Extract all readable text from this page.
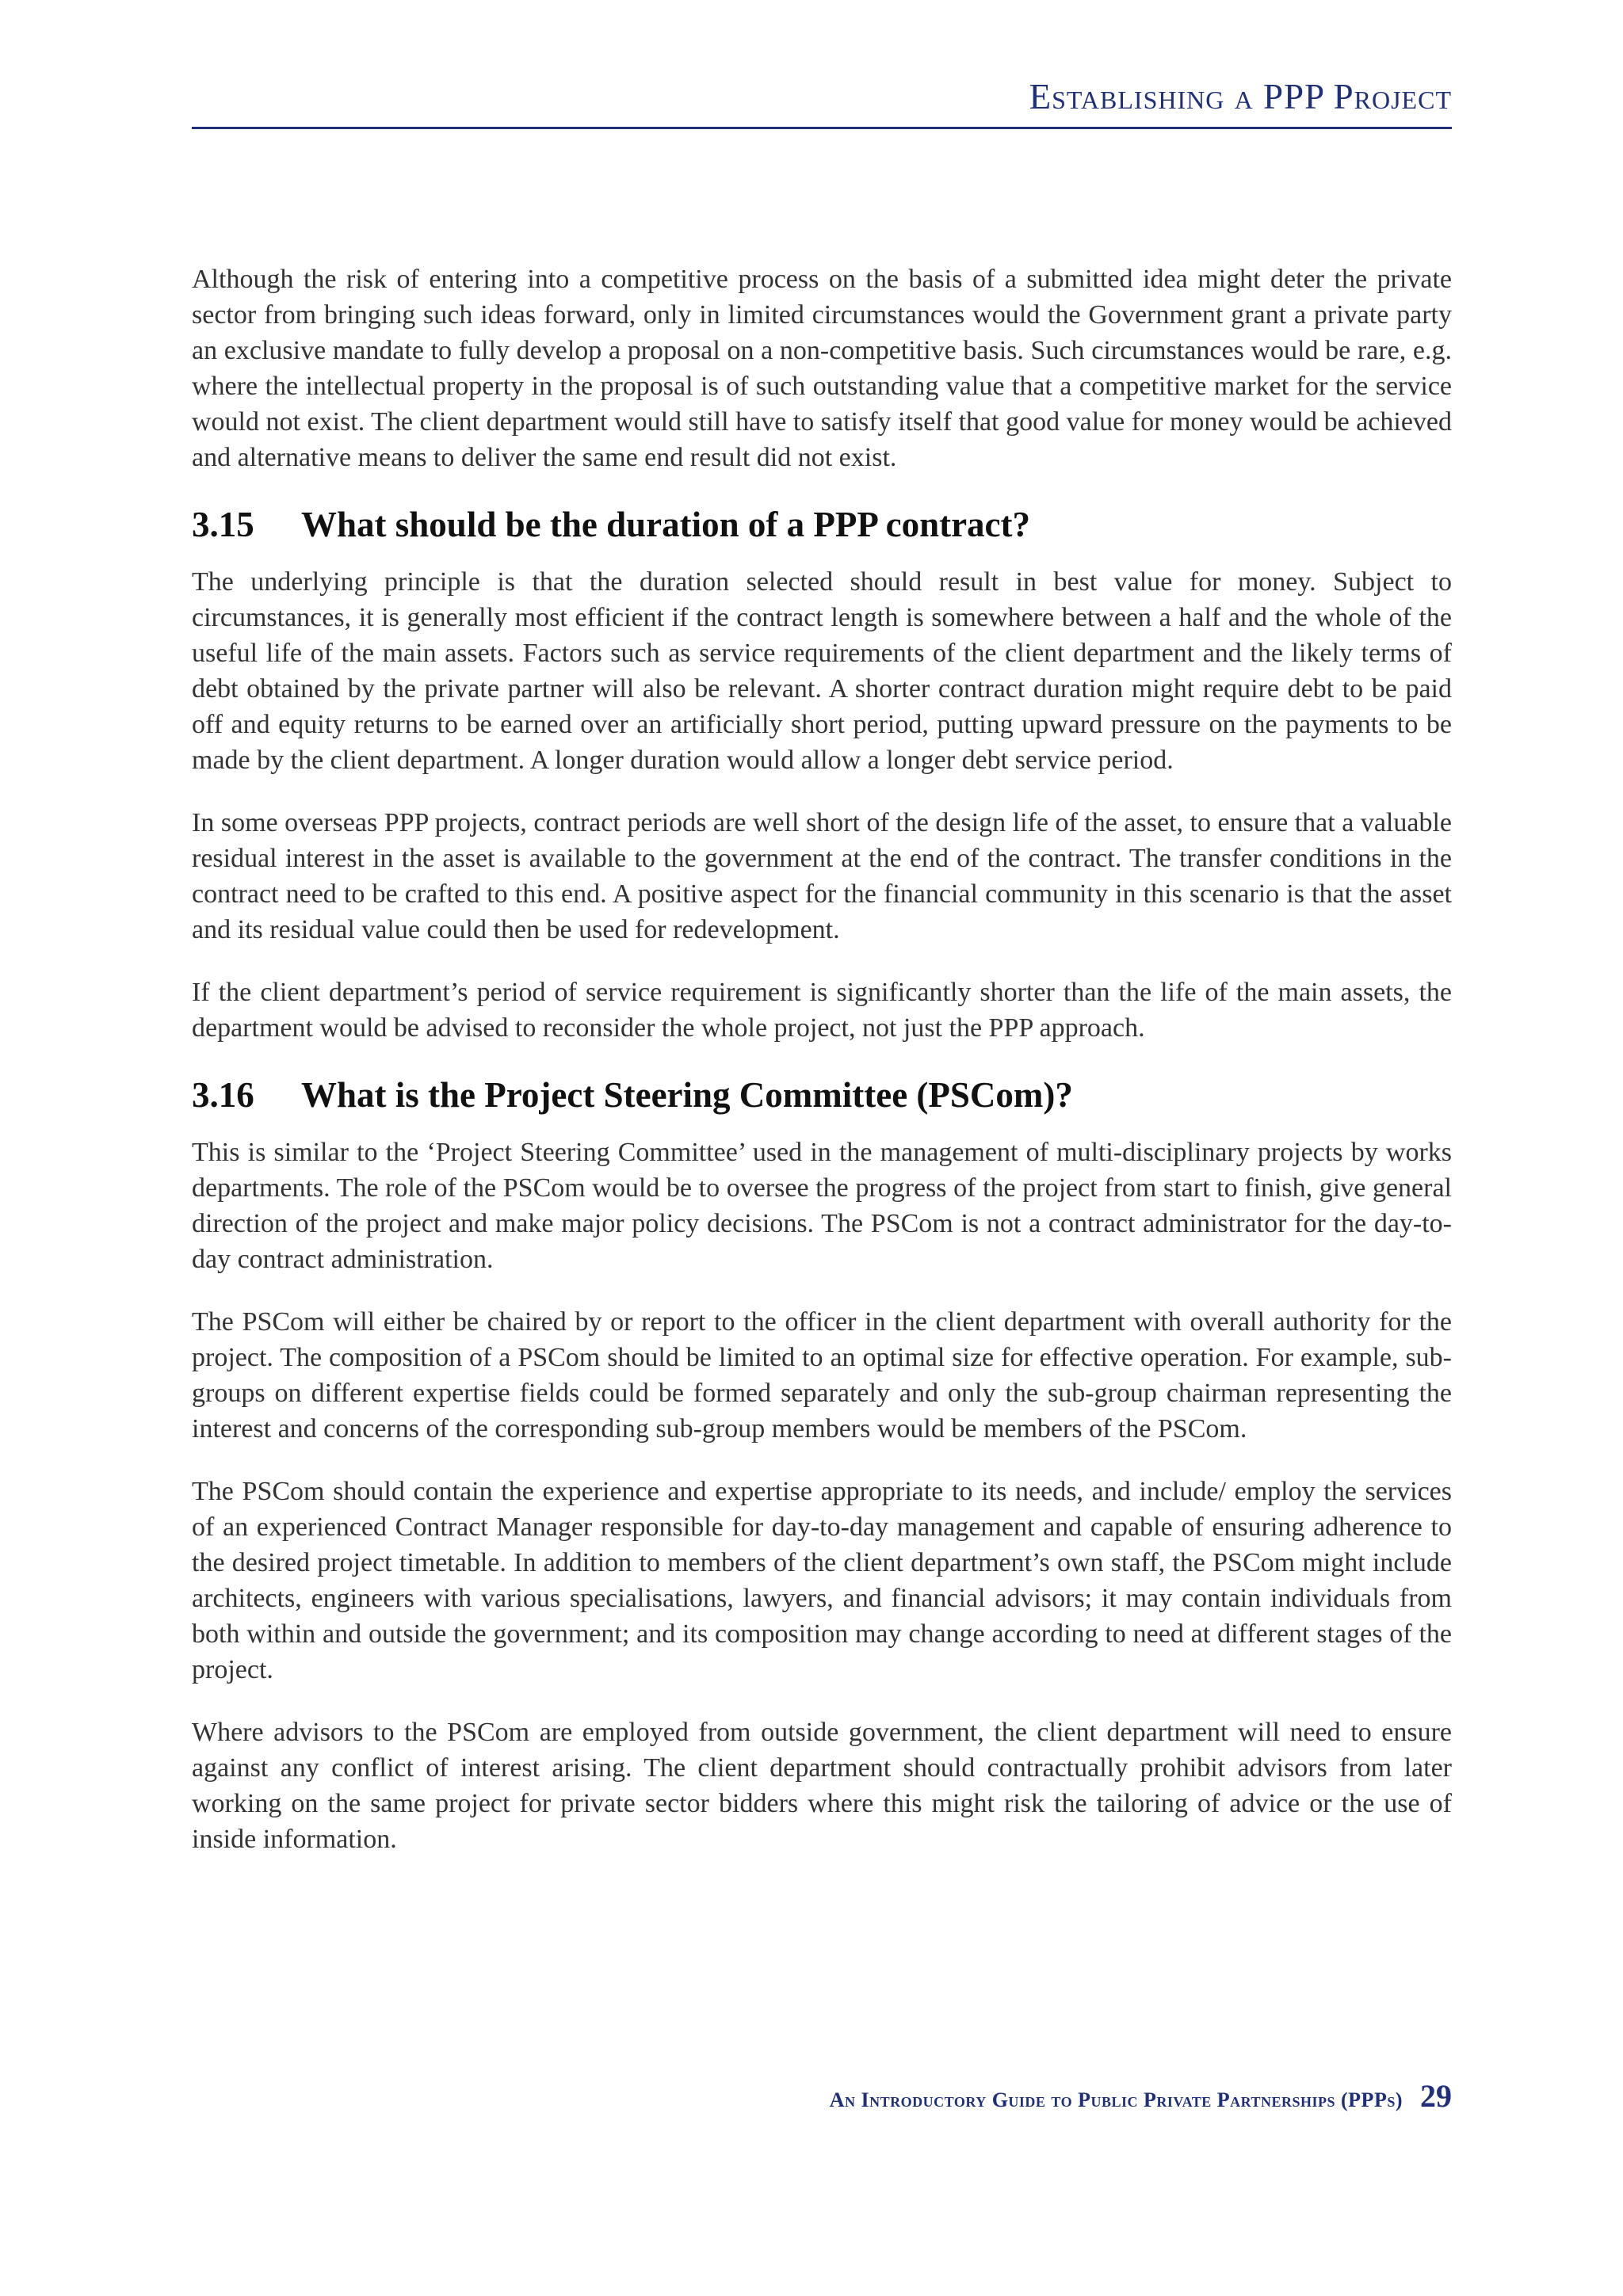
Establishing a PPP Project

Although the risk of entering into a competitive process on the basis of a submitted idea might deter the private sector from bringing such ideas forward, only in limited circumstances would the Government grant a private party an exclusive mandate to fully develop a proposal on a non-competitive basis. Such circumstances would be rare, e.g. where the intellectual property in the proposal is of such outstanding value that a competitive market for the service would not exist. The client department would still have to satisfy itself that good value for money would be achieved and alternative means to deliver the same end result did not exist.

3.15 What should be the duration of a PPP contract?

The underlying principle is that the duration selected should result in best value for money. Subject to circumstances, it is generally most efficient if the contract length is somewhere between a half and the whole of the useful life of the main assets. Factors such as service requirements of the client department and the likely terms of debt obtained by the private partner will also be relevant. A shorter contract duration might require debt to be paid off and equity returns to be earned over an artificially short period, putting upward pressure on the payments to be made by the client department. A longer duration would allow a longer debt service period.

In some overseas PPP projects, contract periods are well short of the design life of the asset, to ensure that a valuable residual interest in the asset is available to the government at the end of the contract. The transfer conditions in the contract need to be crafted to this end. A positive aspect for the financial community in this scenario is that the asset and its residual value could then be used for redevelopment.

If the client department’s period of service requirement is significantly shorter than the life of the main assets, the department would be advised to reconsider the whole project, not just the PPP approach.

3.16 What is the Project Steering Committee (PSCom)?

This is similar to the ‘Project Steering Committee’ used in the management of multi-disciplinary projects by works departments. The role of the PSCom would be to oversee the progress of the project from start to finish, give general direction of the project and make major policy decisions. The PSCom is not a contract administrator for the day-to-day contract administration.

The PSCom will either be chaired by or report to the officer in the client department with overall authority for the project. The composition of a PSCom should be limited to an optimal size for effective operation. For example, sub-groups on different expertise fields could be formed separately and only the sub-group chairman representing the interest and concerns of the corresponding sub-group members would be members of the PSCom.

The PSCom should contain the experience and expertise appropriate to its needs, and include/ employ the services of an experienced Contract Manager responsible for day-to-day management and capable of ensuring adherence to the desired project timetable. In addition to members of the client department’s own staff, the PSCom might include architects, engineers with various specialisations, lawyers, and financial advisors; it may contain individuals from both within and outside the government; and its composition may change according to need at different stages of the project.

Where advisors to the PSCom are employed from outside government, the client department will need to ensure against any conflict of interest arising. The client department should contractually prohibit advisors from later working on the same project for private sector bidders where this might risk the tailoring of advice or the use of inside information.

An Introductory Guide to Public Private Partnerships (PPPs) 29
